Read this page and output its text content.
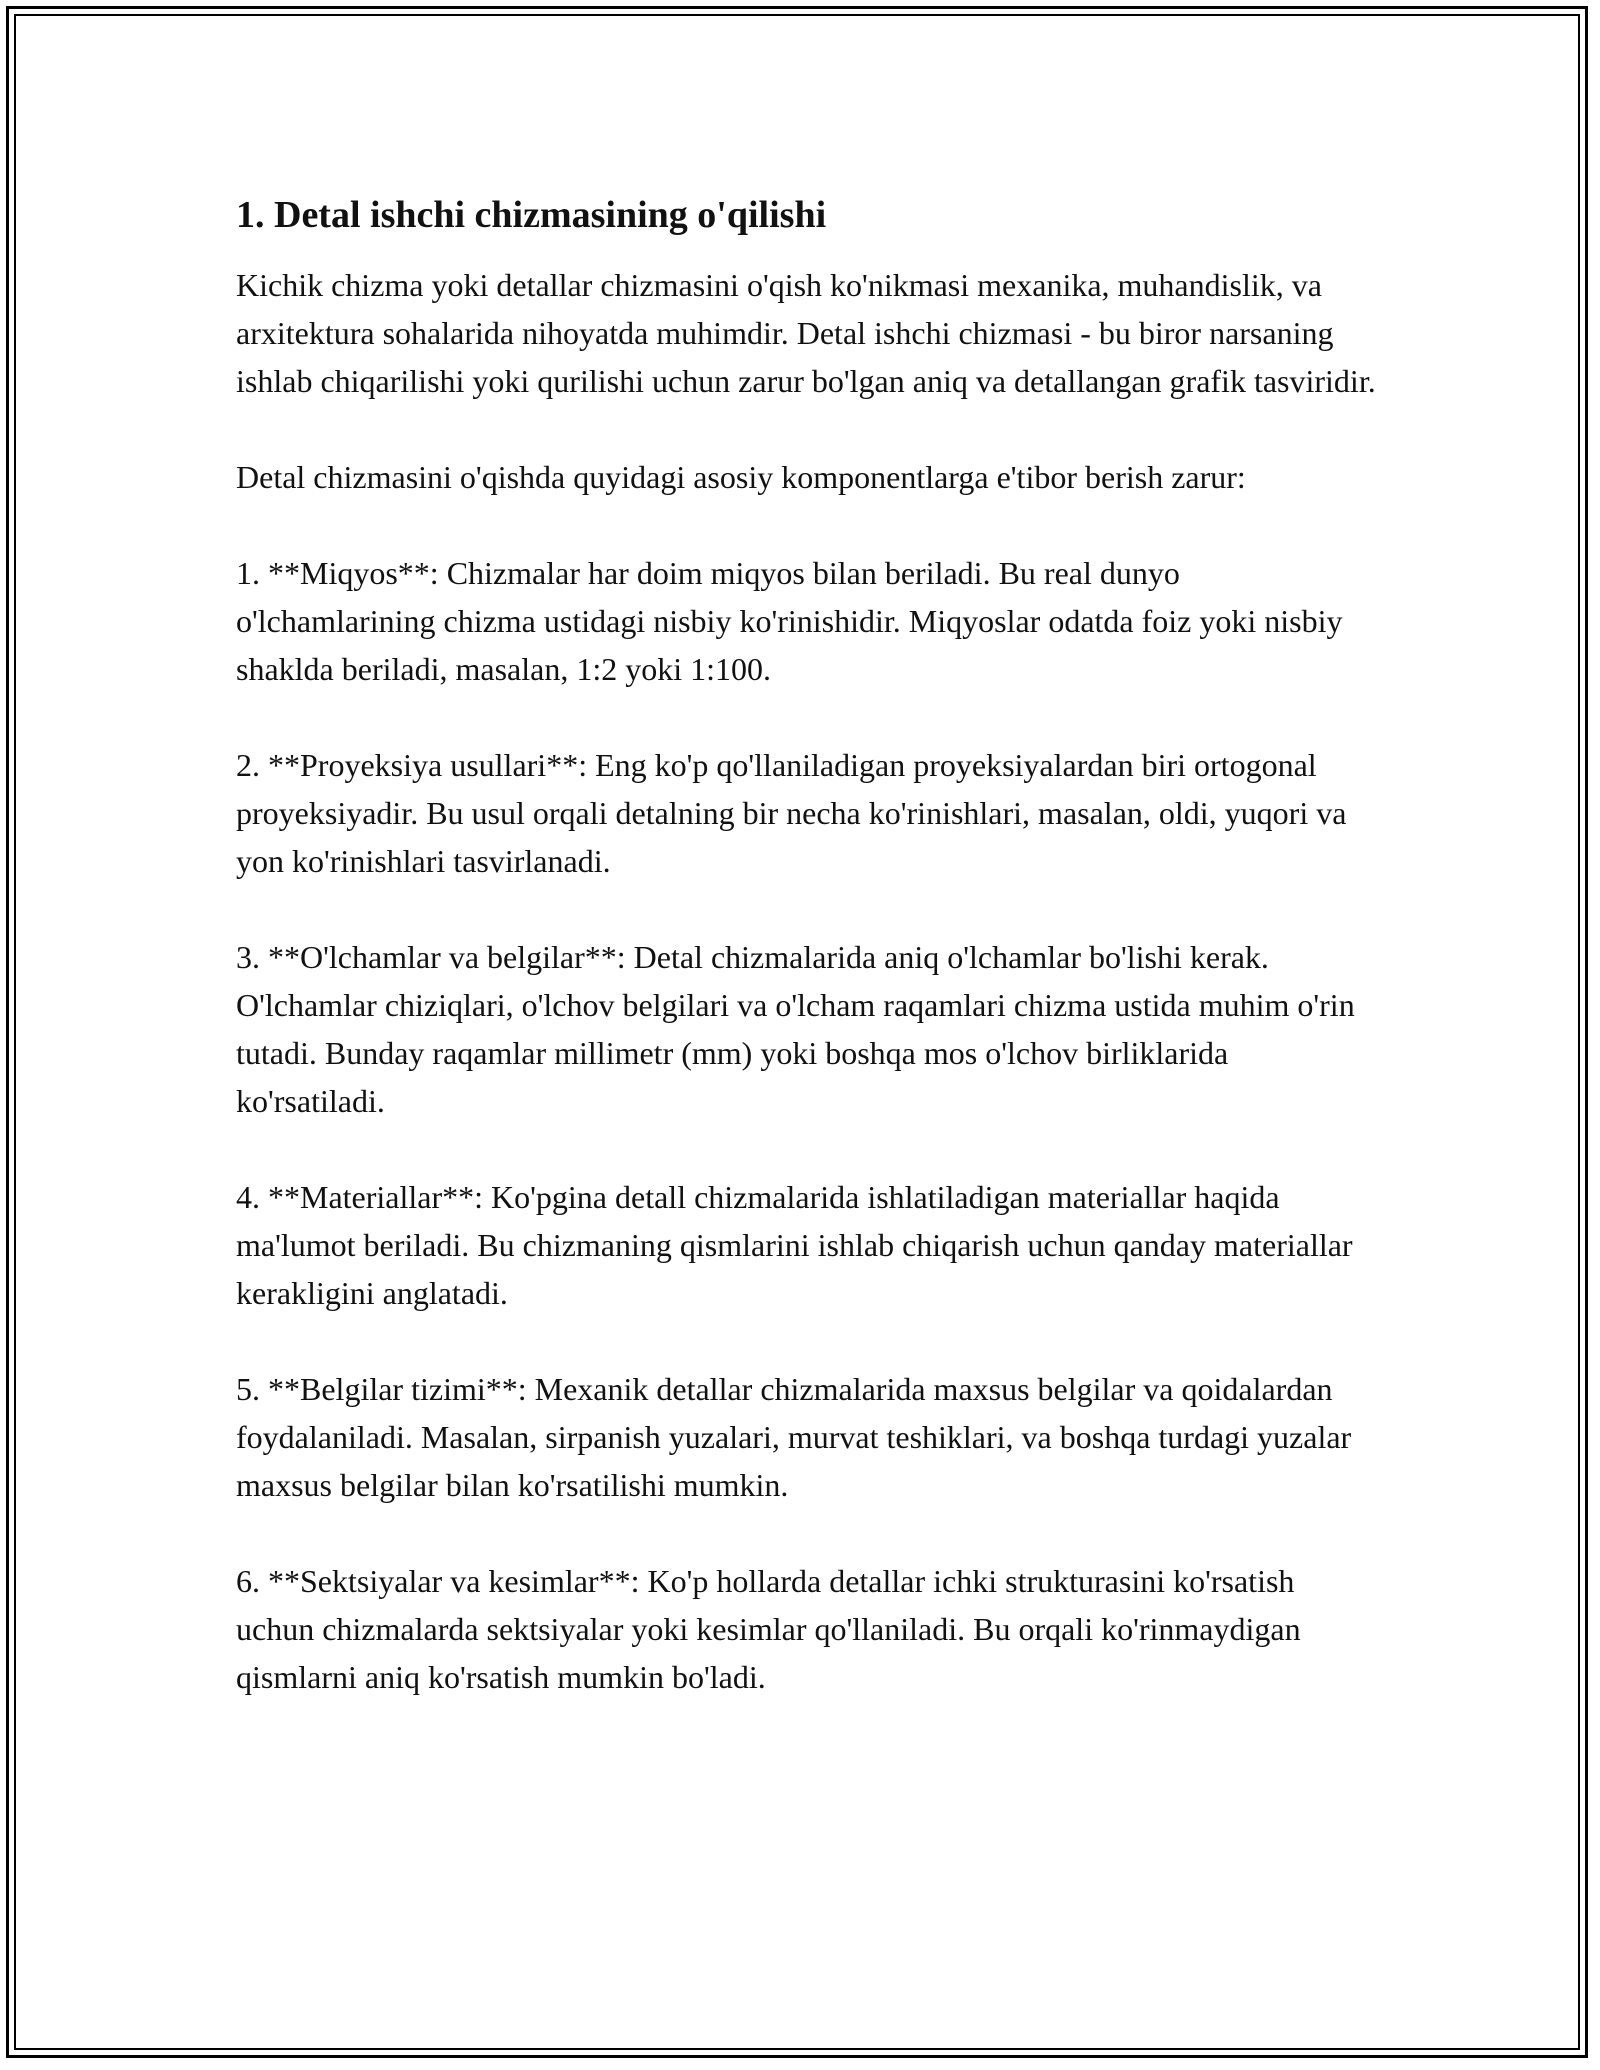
1. Detal ishchi chizmasining o'qilishi

Kichik chizma yoki detallar chizmasini o'qish ko'nikmasi mexanika, muhandislik, va arxitektura sohalarida nihoyatda muhimdir. Detal ishchi chizmasi - bu biror narsaning ishlab chiqarilishi yoki qurilishi uchun zarur bo'lgan aniq va detallangan grafik tasviridir.

Detal chizmasini o'qishda quyidagi asosiy komponentlarga e'tibor berish zarur:

1. **Miqyos**: Chizmalar har doim miqyos bilan beriladi. Bu real dunyo o'lchamlarining chizma ustidagi nisbiy ko'rinishidir. Miqyoslar odatda foiz yoki nisbiy shaklda beriladi, masalan, 1:2 yoki 1:100.

2. **Proyeksiya usullari**: Eng ko'p qo'llaniladigan proyeksiyalardan biri ortogonal proyeksiyadir. Bu usul orqali detalning bir necha ko'rinishlari, masalan, oldi, yuqori va yon ko'rinishlari tasvirlanadi.

3. **O'lchamlar va belgilar**: Detal chizmalarida aniq o'lchamlar bo'lishi kerak. O'lchamlar chiziqlari, o'lchov belgilari va o'lcham raqamlari chizma ustida muhim o'rin tutadi. Bunday raqamlar millimetr (mm) yoki boshqa mos o'lchov birliklarida ko'rsatiladi.

4. **Materiallar**: Ko'pgina detall chizmalarida ishlatiladigan materiallar haqida ma'lumot beriladi. Bu chizmaning qismlarini ishlab chiqarish uchun qanday materiallar kerakligini anglatadi.

5. **Belgilar tizimi**: Mexanik detallar chizmalarida maxsus belgilar va qoidalardan foydalaniladi. Masalan, sirpanish yuzalari, murvat teshiklari, va boshqa turdagi yuzalar maxsus belgilar bilan ko'rsatilishi mumkin.

6. **Sektsiyalar va kesimlar**: Ko'p hollarda detallar ichki strukturasini ko'rsatish uchun chizmalarda sektsiyalar yoki kesimlar qo'llaniladi. Bu orqali ko'rinmaydigan qismlarni aniq ko'rsatish mumkin bo'ladi.
